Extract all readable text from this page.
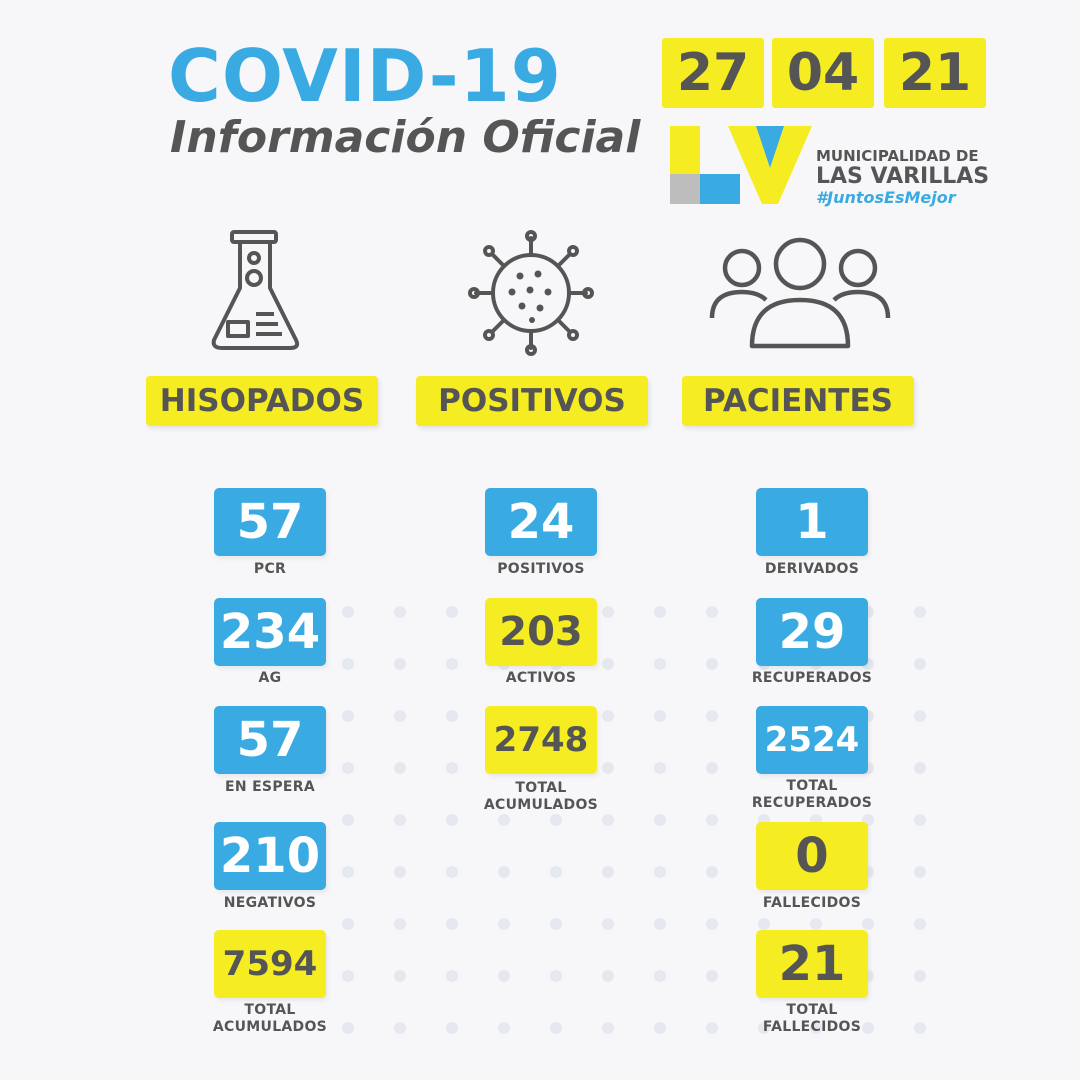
COVID-19
Información Oficial
27 04 21
MUNICIPALIDAD DE
LAS VARILLAS
#JuntosEsMejor
HISOPADOS	POSITIVOS	PACIENTES
57
PCR
234
AG
57
EN ESPERA
210
NEGATIVOS
7594
TOTAL
ACUMULADOS
24
POSITIVOS
203
ACTIVOS
2748
TOTAL
ACUMULADOS
1
DERIVADOS
29
RECUPERADOS
2524
TOTAL
RECUPERADOS
0
FALLECIDOS
21
TOTAL
FALLECIDOS
